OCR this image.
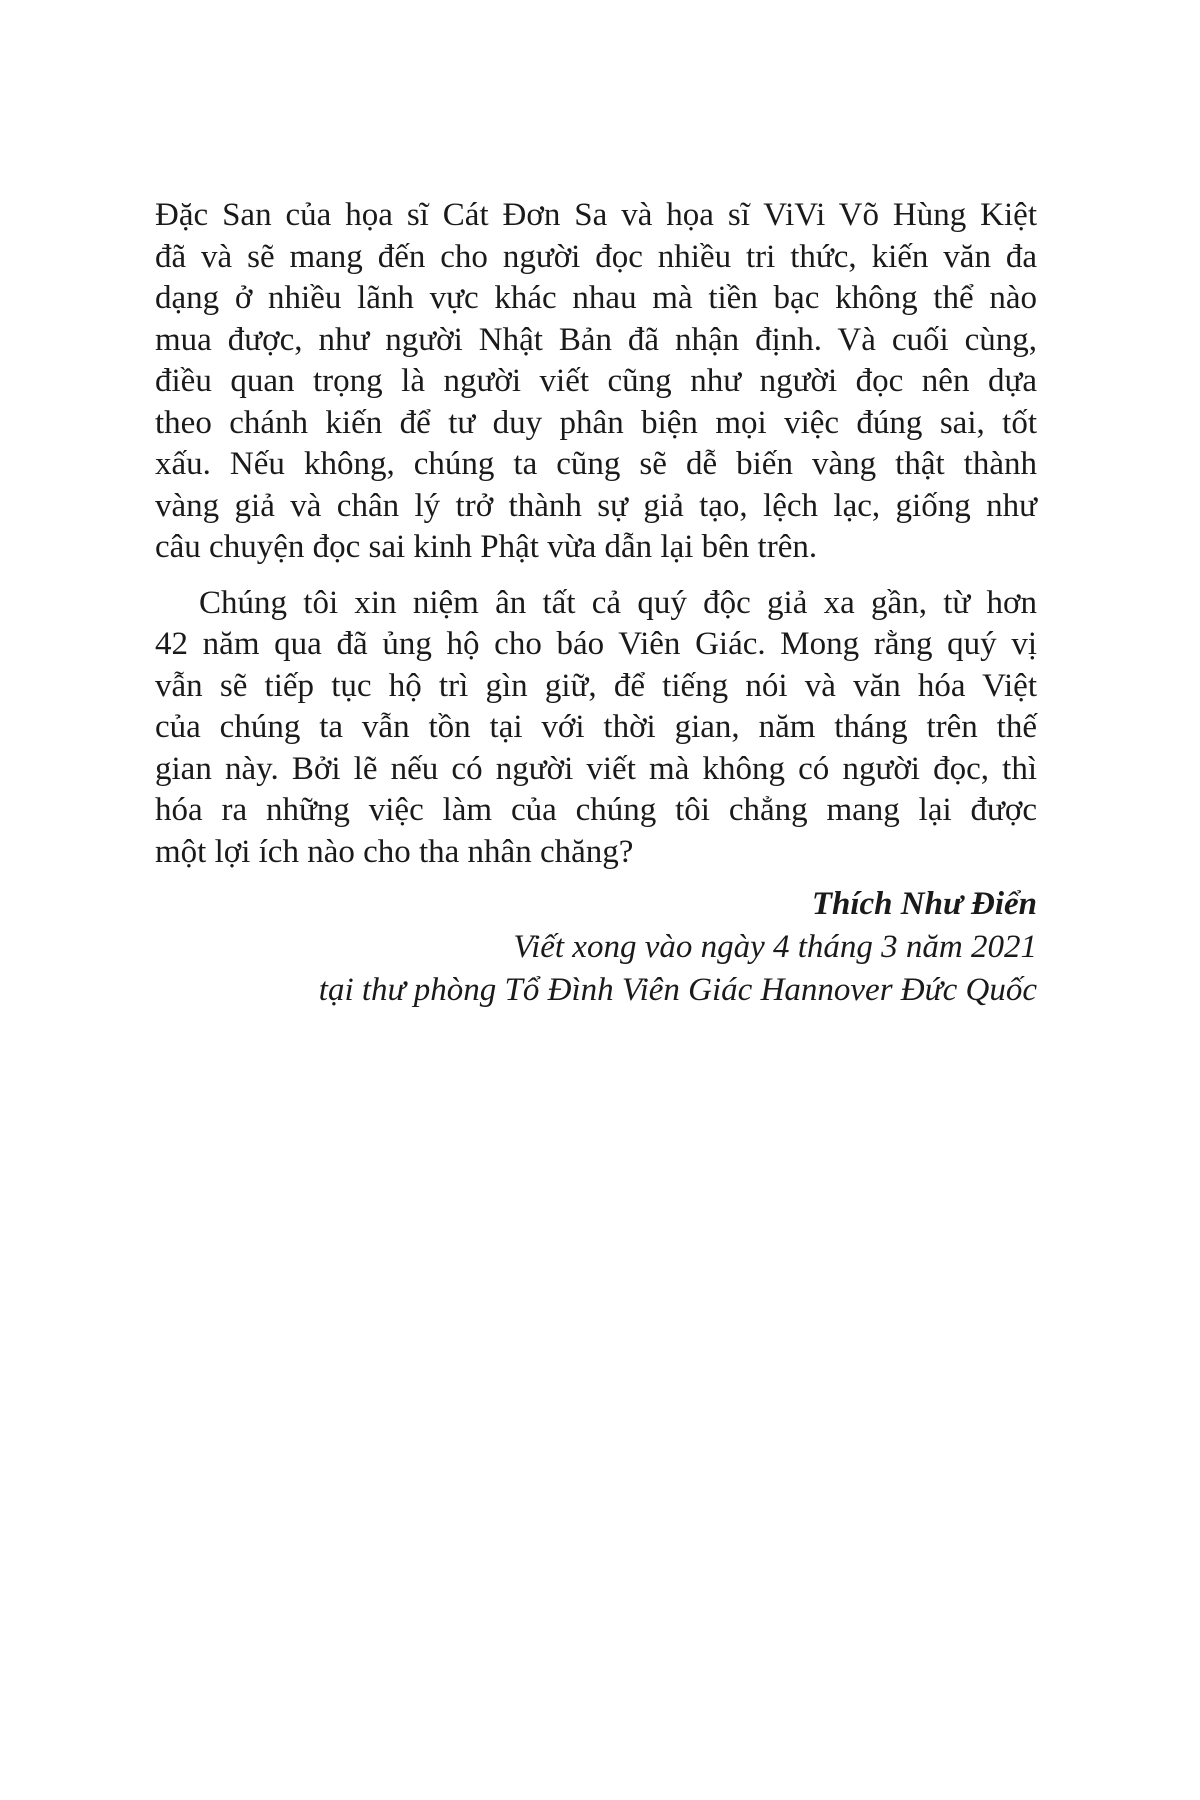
Đặc San của họa sĩ Cát Đơn Sa và họa sĩ ViVi Võ Hùng Kiệt
đã và sẽ mang đến cho người đọc nhiều tri thức, kiến văn đa
dạng ở nhiều lãnh vực khác nhau mà tiền bạc không thể nào
mua được, như người Nhật Bản đã nhận định. Và cuối cùng,
điều quan trọng là người viết cũng như người đọc nên dựa
theo chánh kiến để tư duy phân biện mọi việc đúng sai, tốt
xấu. Nếu không, chúng ta cũng sẽ dễ biến vàng thật thành
vàng giả và chân lý trở thành sự giả tạo, lệch lạc, giống như
câu chuyện đọc sai kinh Phật vừa dẫn lại bên trên.

Chúng tôi xin niệm ân tất cả quý độc giả xa gần, từ hơn
42 năm qua đã ủng hộ cho báo Viên Giác. Mong rằng quý vị
vẫn sẽ tiếp tục hộ trì gìn giữ, để tiếng nói và văn hóa Việt
của chúng ta vẫn tồn tại với thời gian, năm tháng trên thế
gian này. Bởi lẽ nếu có người viết mà không có người đọc, thì
hóa ra những việc làm của chúng tôi chẳng mang lại được
một lợi ích nào cho tha nhân chăng?

Thích Như Điển
Viết xong vào ngày 4 tháng 3 năm 2021
tại thư phòng Tổ Đình Viên Giác Hannover Đức Quốc
